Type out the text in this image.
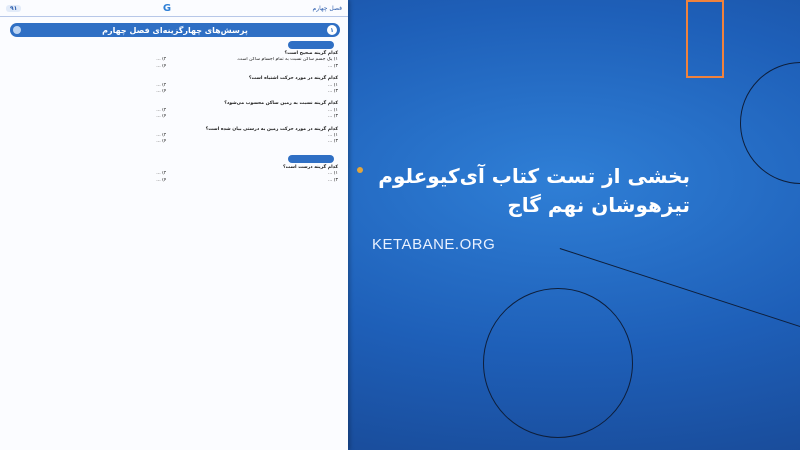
۹۱	G	فصل چهارم
۱
پرسش‌های چهارگزینه‌ای فصل چهارم
کدام گزینه صحیح است؟
۱) یک جسم ساکن نسبت به تمام اجسام ساکن است.
۲) ...
۳) ...
۴) ...
کدام گزینه در مورد حرکت اشتباه است؟
۱) ...
۲) ...
۳) ...
۴) ...
کدام گزینه نسبت به زمین ساکن محسوب می‌شود؟
۱) ...
۲) ...
۳) ...
۴) ...
کدام گزینه در مورد حرکت زمین به درستی بیان شده است؟
۱) ...
۲) ...
۳) ...
۴) ...
کدام گزینه درست است؟
۱) ...
۲) ...
۳) ...
۴) ...	بخشی از تست کتاب آی‌کیوعلوم
تیزهوشان نهم گاج
KETABANE.ORG
